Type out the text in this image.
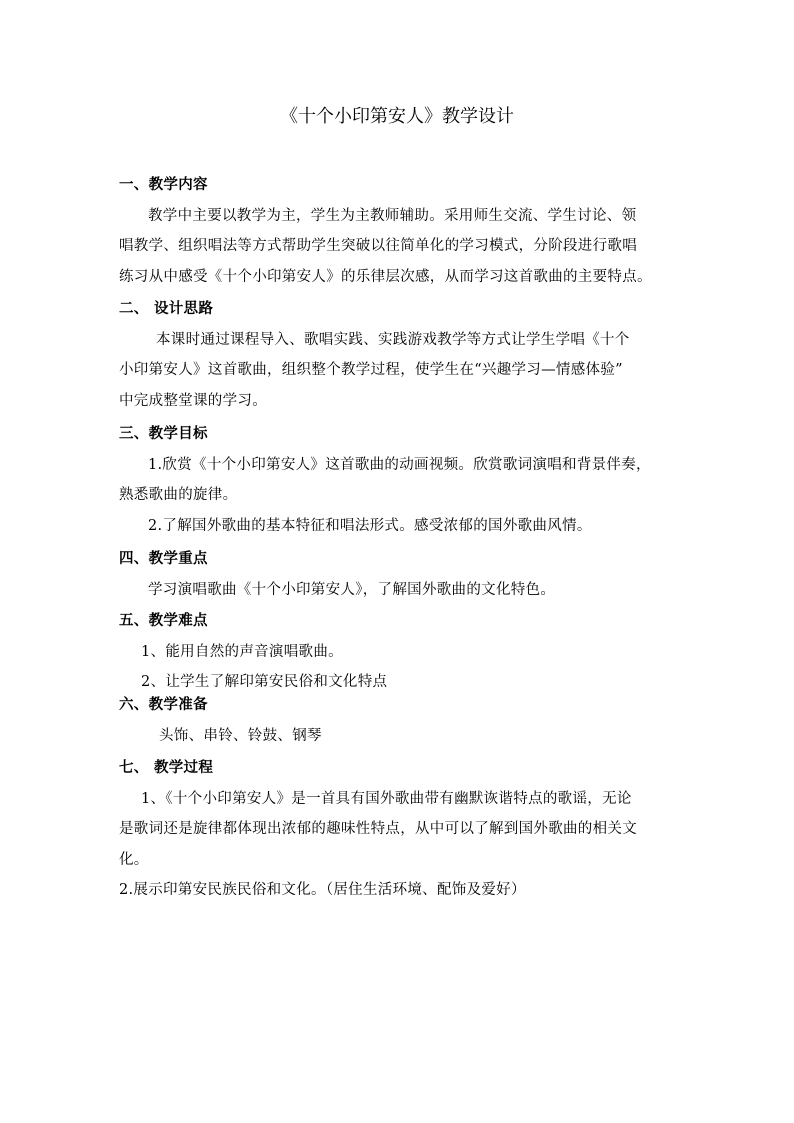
《十个小印第安人》教学设计
一、教学内容
教学中主要以教学为主，学生为主教师辅助。采用师生交流、学生讨论、领
唱教学、组织唱法等方式帮助学生突破以往简单化的学习模式，分阶段进行歌唱
练习从中感受《十个小印第安人》的乐律层次感，从而学习这首歌曲的主要特点。
二、 设计思路
本课时通过课程导入、歌唱实践、实践游戏教学等方式让学生学唱《十个
小印第安人》这首歌曲，组织整个教学过程，使学生在“兴趣学习—情感体验”
中完成整堂课的学习。
三、教学目标
1.欣赏《十个小印第安人》这首歌曲的动画视频。欣赏歌词演唱和背景伴奏，
熟悉歌曲的旋律。
2.了解国外歌曲的基本特征和唱法形式。感受浓郁的国外歌曲风情。
四、教学重点
学习演唱歌曲《十个小印第安人》，了解国外歌曲的文化特色。
五、教学难点
1、能用自然的声音演唱歌曲。
2、让学生了解印第安民俗和文化特点
六、教学准备
头饰、串铃、铃鼓、钢琴
七、 教学过程
1、《十个小印第安人》是一首具有国外歌曲带有幽默诙谐特点的歌谣，无论
是歌词还是旋律都体现出浓郁的趣味性特点，从中可以了解到国外歌曲的相关文
化。
2.展示印第安民族民俗和文化。（居住生活环境、配饰及爱好）
